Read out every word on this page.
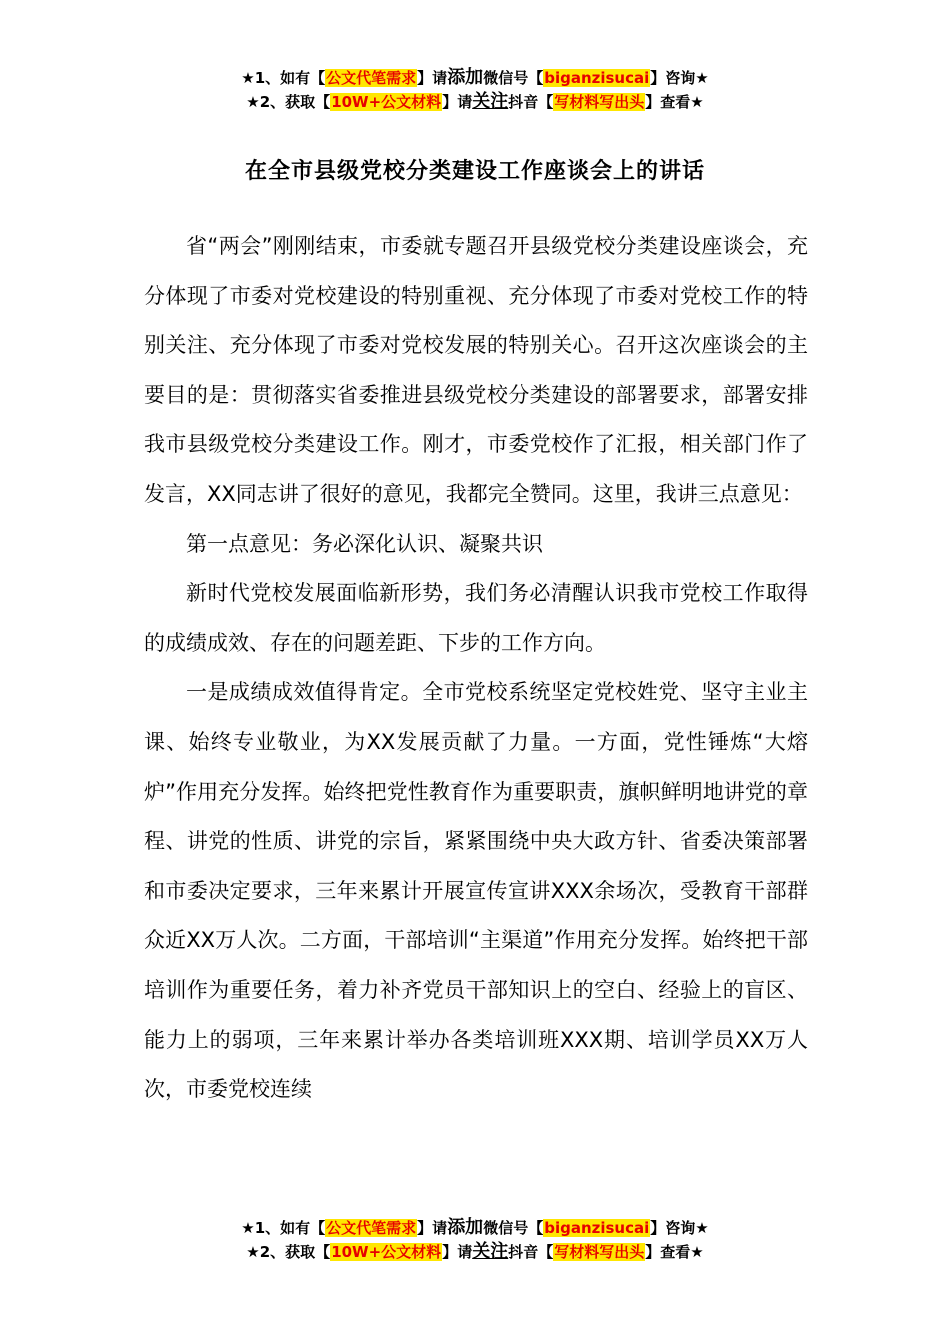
★1、如有【公文代笔需求】请添加微信号【biganzisucai】咨询★
★2、获取【10W+公文材料】请关注抖音【写材料写出头】查看★
在全市县级党校分类建设工作座谈会上的讲话

省“两会”刚刚结束，市委就专题召开县级党校分类建设座谈会，充分体现了市委对党校建设的特别重视、充分体现了市委对党校工作的特别关注、充分体现了市委对党校发展的特别关心。召开这次座谈会的主要目的是：贯彻落实省委推进县级党校分类建设的部署要求，部署安排我市县级党校分类建设工作。刚才，市委党校作了汇报，相关部门作了发言，XX同志讲了很好的意见，我都完全赞同。这里，我讲三点意见：

第一点意见：务必深化认识、凝聚共识

新时代党校发展面临新形势，我们务必清醒认识我市党校工作取得的成绩成效、存在的问题差距、下步的工作方向。

一是成绩成效值得肯定。全市党校系统坚定党校姓党、坚守主业主课、始终专业敬业，为XX发展贡献了力量。一方面，党性锤炼“大熔炉”作用充分发挥。始终把党性教育作为重要职责，旗帜鲜明地讲党的章程、讲党的性质、讲党的宗旨，紧紧围绕中央大政方针、省委决策部署和市委决定要求，三年来累计开展宣传宣讲XXX余场次，受教育干部群众近XX万人次。二方面，干部培训“主渠道”作用充分发挥。始终把干部培训作为重要任务，着力补齐党员干部知识上的空白、经验上的盲区、能力上的弱项，三年来累计举办各类培训班XXX期、培训学员XX万人次，市委党校连续

★1、如有【公文代笔需求】请添加微信号【biganzisucai】咨询★
★2、获取【10W+公文材料】请关注抖音【写材料写出头】查看★
